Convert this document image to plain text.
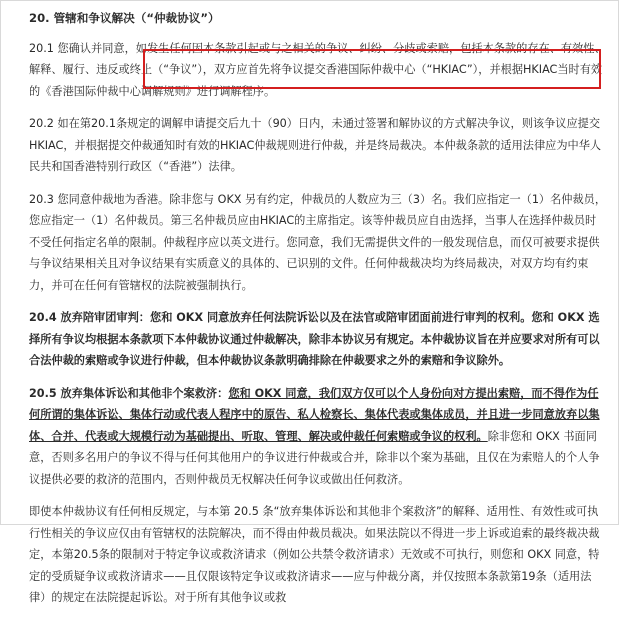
20. 管辖和争议解决（“仲裁协议”）
20.1 您确认并同意，如发生任何因本条款引起或与之相关的争议、纠纷、分歧或索赔，包括本条款的存在、有效性、解释、履行、违反或终止（“争议”），双方应首先将争议提交香港国际仲裁中心（“HKIAC”），并根据HKIAC当时有效的《香港国际仲裁中心调解规则》进行调解程序。
20.2 如在第20.1条规定的调解申请提交后九十（90）日内，未通过签署和解协议的方式解决争议，则该争议应提交HKIAC，并根据提交仲裁通知时有效的HKIAC仲裁规则进行仲裁，并是终局裁决。本仲裁条款的适用法律应为中华人民共和国香港特别行政区（“香港”）法律。
20.3 您同意仲裁地为香港。除非您与 OKX 另有约定，仲裁员的人数应为三（3）名。我们应指定一（1）名仲裁员，您应指定一（1）名仲裁员。第三名仲裁员应由HKIAC的主席指定。该等仲裁员应自由选择，当事人在选择仲裁员时不受任何指定名单的限制。仲裁程序应以英文进行。您同意，我们无需提供文件的一般发现信息，而仅可被要求提供与争议结果相关且对争议结果有实质意义的具体的、已识别的文件。任何仲裁裁决均为终局裁决，对双方均有约束力，并可在任何有管辖权的法院被强制执行。
20.4 放弃陪审团审判：您和 OKX 同意放弃任何法院诉讼以及在法官或陪审团面前进行审判的权利。您和 OKX 选择所有争议均根据本条款项下本仲裁协议通过仲裁解决，除非本协议另有规定。本仲裁协议旨在并应要求对所有可以合法仲裁的索赔或争议进行仲裁，但本仲裁协议条款明确排除在仲裁要求之外的索赔和争议除外。
20.5 放弃集体诉讼和其他非个案救济：您和 OKX 同意，我们双方仅可以个人身份向对方提出索赔，而不得作为任何所谓的集体诉讼、集体行动或代表人程序中的原告、私人检察长、集体代表或集体成员，并且进一步同意放弃以集体、合并、代表或大规模行动为基础提出、听取、管理、解决或仲裁任何索赔或争议的权利。除非您和 OKX 书面同意，否则多名用户的争议不得与任何其他用户的争议进行仲裁或合并，除非以个案为基础，且仅在为索赔人的个人争议提供必要的救济的范围内，否则仲裁员无权解决任何争议或做出任何救济。
即使本仲裁协议有任何相反规定，与本第 20.5 条“放弃集体诉讼和其他非个案救济”的解释、适用性、有效性或可执行性相关的争议应仅由有管辖权的法院解决，而不得由仲裁员裁决。如果法院以不得进一步上诉或追索的最终裁决裁定，本第20.5条的限制对于特定争议或救济请求（例如公共禁令救济请求）无效或不可执行，则您和 OKX 同意，特定的受质疑争议或救济请求——且仅限该特定争议或救济请求——应与仲裁分离，并仅按照本条款第19条（适用法律）的规定在法院提起诉讼。对于所有其他争议或救
